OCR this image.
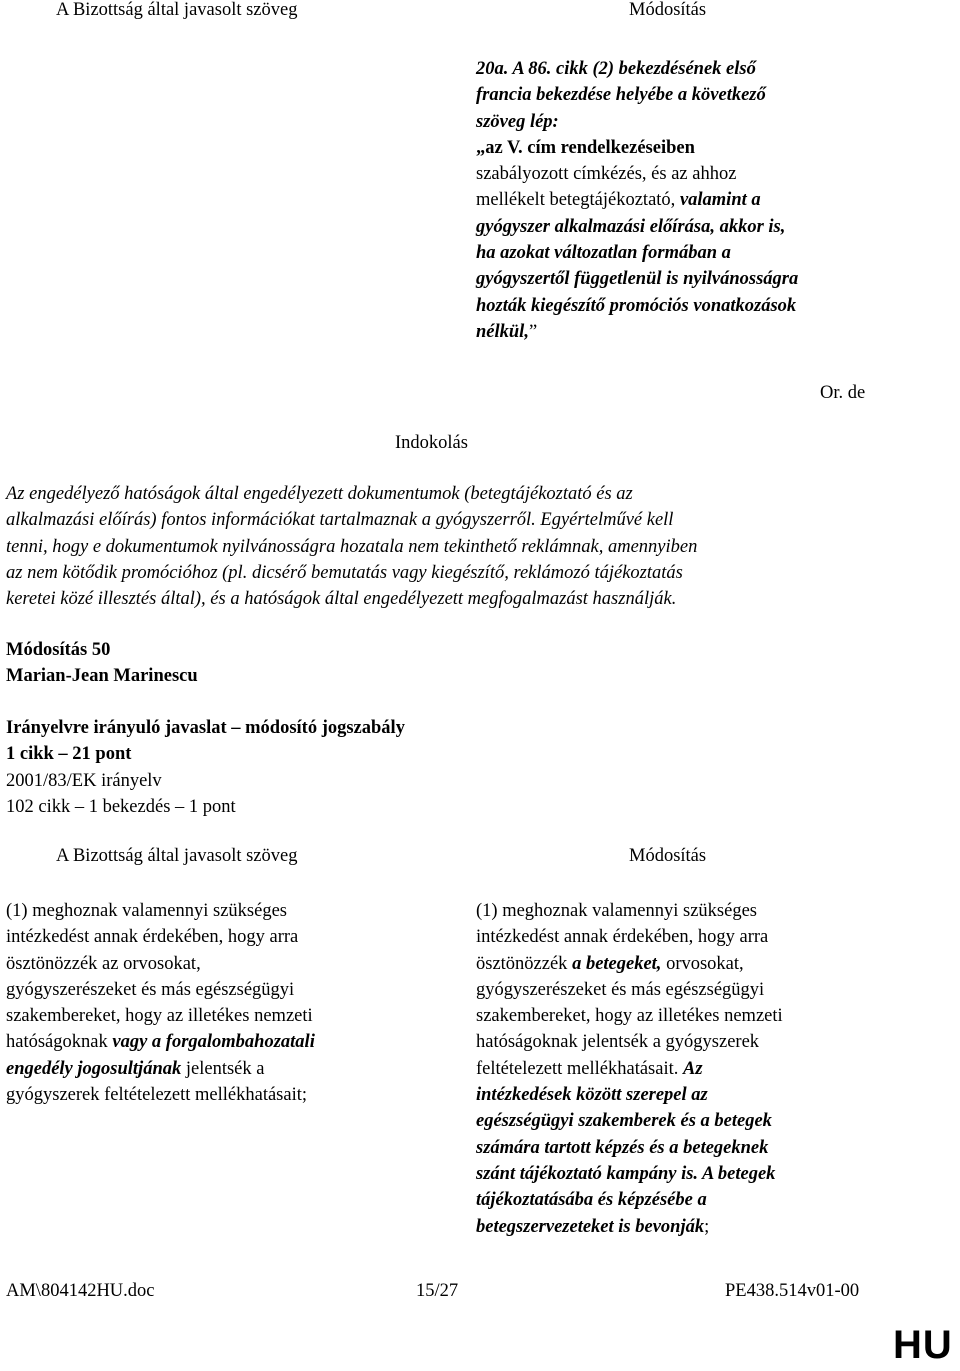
A Bizottság által javasolt szöveg	Módosítás

20a. A 86. cikk (2) bekezdésének első

francia bekezdése helyébe a következő

szöveg lép:

„az V. cím rendelkezéseiben

szabályozott címkézés, és az ahhoz

mellékelt betegtájékoztató, valamint a

gyógyszer alkalmazási előírása, akkor is,

ha azokat változatlan formában a

gyógyszertől függetlenül is nyilvánosságra

hozták kiegészítő promóciós vonatkozások

nélkül,”

Or. de
Indokolás

Az engedélyező hatóságok által engedélyezett dokumentumok (betegtájékoztató és az

alkalmazási előírás) fontos információkat tartalmaznak a gyógyszerről. Egyértelművé kell

tenni, hogy e dokumentumok nyilvánosságra hozatala nem tekinthető reklámnak, amennyiben

az nem kötődik promócióhoz (pl. dicsérő bemutatás vagy kiegészítő, reklámozó tájékoztatás

keretei közé illesztés által), és a hatóságok által engedélyezett megfogalmazást használják.

Módosítás 50
Marian-Jean Marinescu
Irányelvre irányuló javaslat – módosító jogszabály
1 cikk – 21 pont
2001/83/EK irányelv
102 cikk – 1 bekezdés – 1 pont
A Bizottság által javasolt szöveg	Módosítás

(1) meghoznak valamennyi szükséges

intézkedést annak érdekében, hogy arra

ösztönözzék az orvosokat,

gyógyszerészeket és más egészségügyi

szakembereket, hogy az illetékes nemzeti

hatóságoknak vagy a forgalombahozatali

engedély jogosultjának jelentsék a

gyógyszerek feltételezett mellékhatásait;

(1) meghoznak valamennyi szükséges

intézkedést annak érdekében, hogy arra

ösztönözzék a betegeket, orvosokat,

gyógyszerészeket és más egészségügyi

szakembereket, hogy az illetékes nemzeti

hatóságoknak jelentsék a gyógyszerek

feltételezett mellékhatásait. Az

intézkedések között szerepel az

egészségügyi szakemberek és a betegek

számára tartott képzés és a betegeknek

szánt tájékoztató kampány is. A betegek

tájékoztatásába és képzésébe a

betegszervezeteket is bevonják;

AM\804142HU.doc	15/27	PE438.514v01-00
HU
